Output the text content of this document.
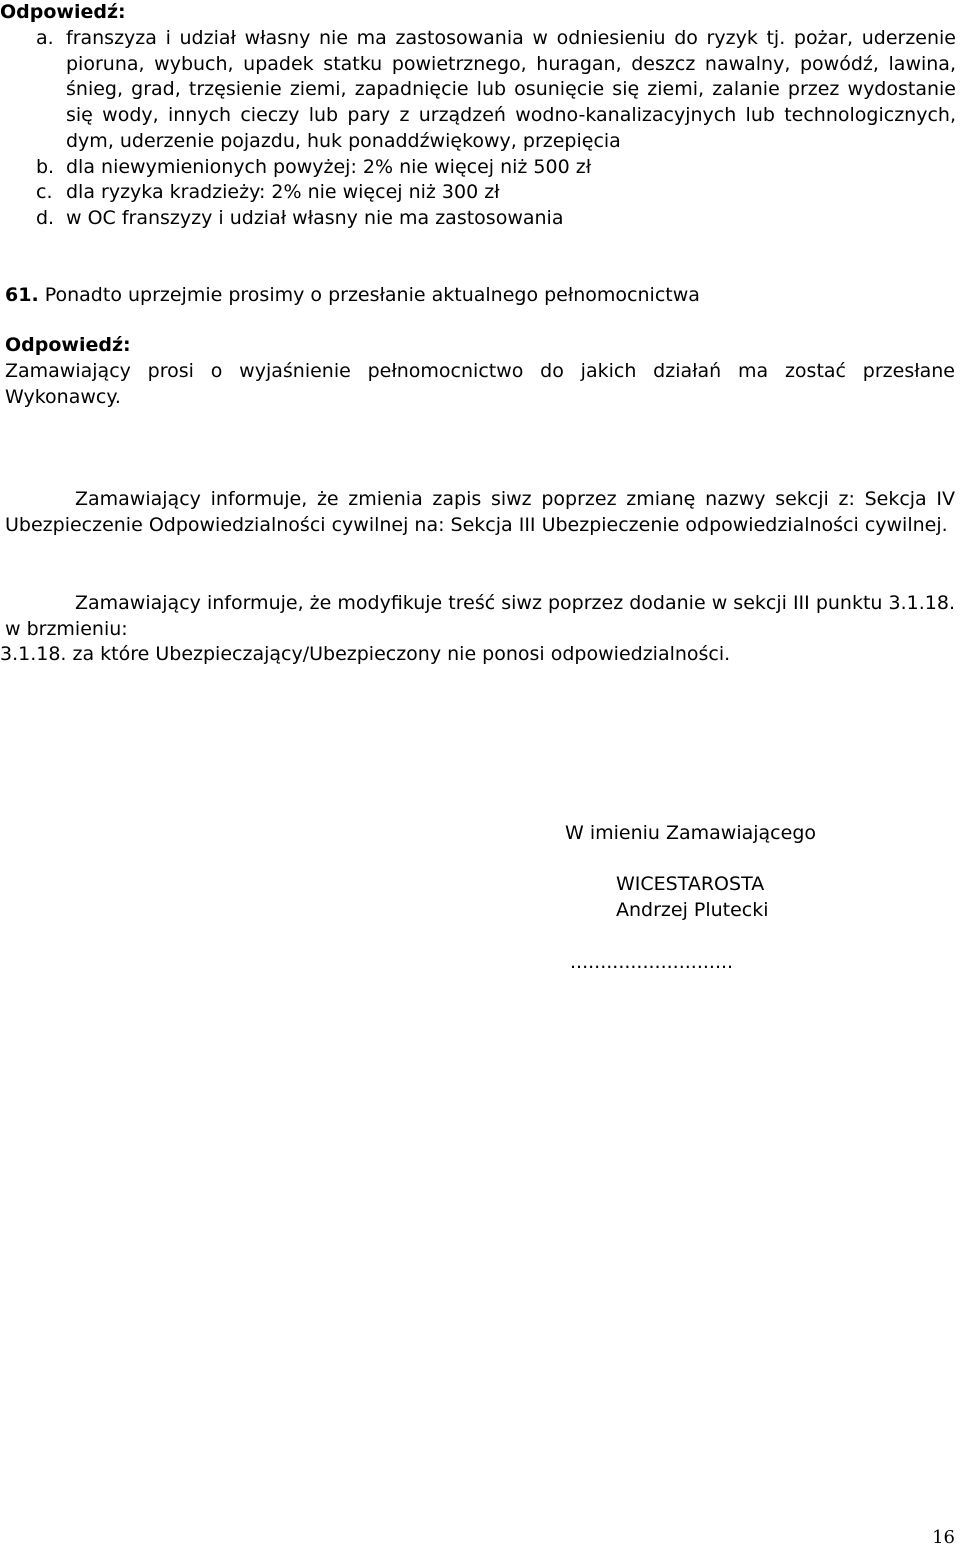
Odpowiedź:
a. franszyza i udział własny nie ma zastosowania w odniesieniu do ryzyk tj. pożar, uderzenie pioruna, wybuch, upadek statku powietrznego, huragan, deszcz nawalny, powódź, lawina, śnieg, grad, trzęsienie ziemi, zapadnięcie lub osunięcie się ziemi, zalanie przez wydostanie się wody, innych cieczy lub pary z urządzeń wodno-kanalizacyjnych lub technologicznych, dym, uderzenie pojazdu, huk ponaddźwiękowy, przepięcia
b. dla niewymienionych powyżej: 2% nie więcej niż 500 zł
c. dla ryzyka kradzieży: 2% nie więcej niż 300 zł
d. w OC franszyzy i udział własny nie ma zastosowania
61. Ponadto uprzejmie prosimy o przesłanie aktualnego pełnomocnictwa
Odpowiedź:
Zamawiający prosi o wyjaśnienie pełnomocnictwo do jakich działań ma zostać przesłane Wykonawcy.
Zamawiający informuje, że zmienia zapis siwz poprzez zmianę nazwy sekcji z: Sekcja IV Ubezpieczenie Odpowiedzialności cywilnej na: Sekcja III Ubezpieczenie odpowiedzialności cywilnej.
Zamawiający informuje, że modyfikuje treść siwz poprzez dodanie w sekcji III punktu 3.1.18. w brzmieniu:
3.1.18. za które Ubezpieczający/Ubezpieczony nie ponosi odpowiedzialności.
W imieniu Zamawiającego
WICESTAROSTA
Andrzej Plutecki
...........................
16
